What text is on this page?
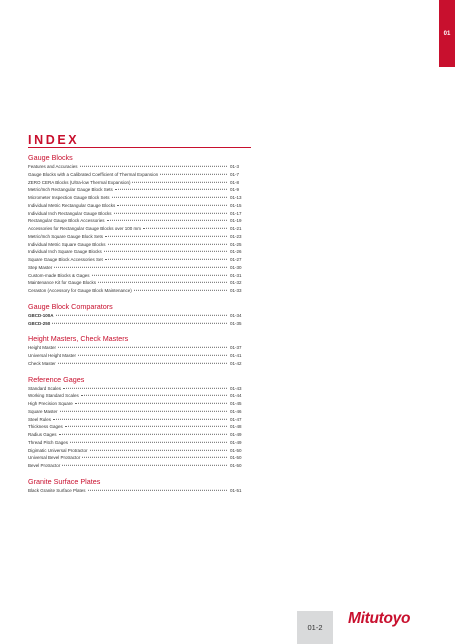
01
INDEX
Gauge Blocks
Features and Accuracies	01-3
Gauge Blocks with a Calibrated Coefficient of Thermal Expansion	01-7
ZERO CERA Blocks (Ultra-low Thermal Expansion)	01-8
Metric/Inch Rectangular Gauge Block Sets	01-9
Micrometer Inspection Gauge Block Sets	01-13
Individual Metric Rectangular Gauge Blocks	01-15
Individual Inch Rectangular Gauge Blocks	01-17
Rectangular Gauge Block Accessories	01-19
Accessories for Rectangular Gauge Blocks over 100 mm	01-21
Metric/Inch Square Gauge Block Sets	01-23
Individual Metric Square Gauge Blocks	01-25
Individual Inch Square Gauge Blocks	01-26
Square Gauge Block Accessories Set	01-27
Step Master	01-30
Custom-made Blocks & Gages	01-31
Maintenance Kit for Gauge Blocks	01-32
Ceraston (Accessory for Gauge Block Maintenance)	01-33
Gauge Block Comparators
GBCD-100A	01-34
GBCD-250	01-35
Height Masters, Check Masters
Height Master	01-37
Universal Height Master	01-41
Check Master	01-42
Reference Gages
Standard Scales	01-43
Working Standard Scales	01-44
High Precision Square	01-45
Square Master	01-46
Steel Rules	01-47
Thickness Gages	01-48
Radius Gages	01-49
Thread Pitch Gages	01-49
Digimatic Universal Protractor	01-50
Universal Bevel Protractor	01-50
Bevel Protractor	01-50
Granite Surface Plates
Black Granite Surface Plates	01-51
01-2
Mitutoyo
